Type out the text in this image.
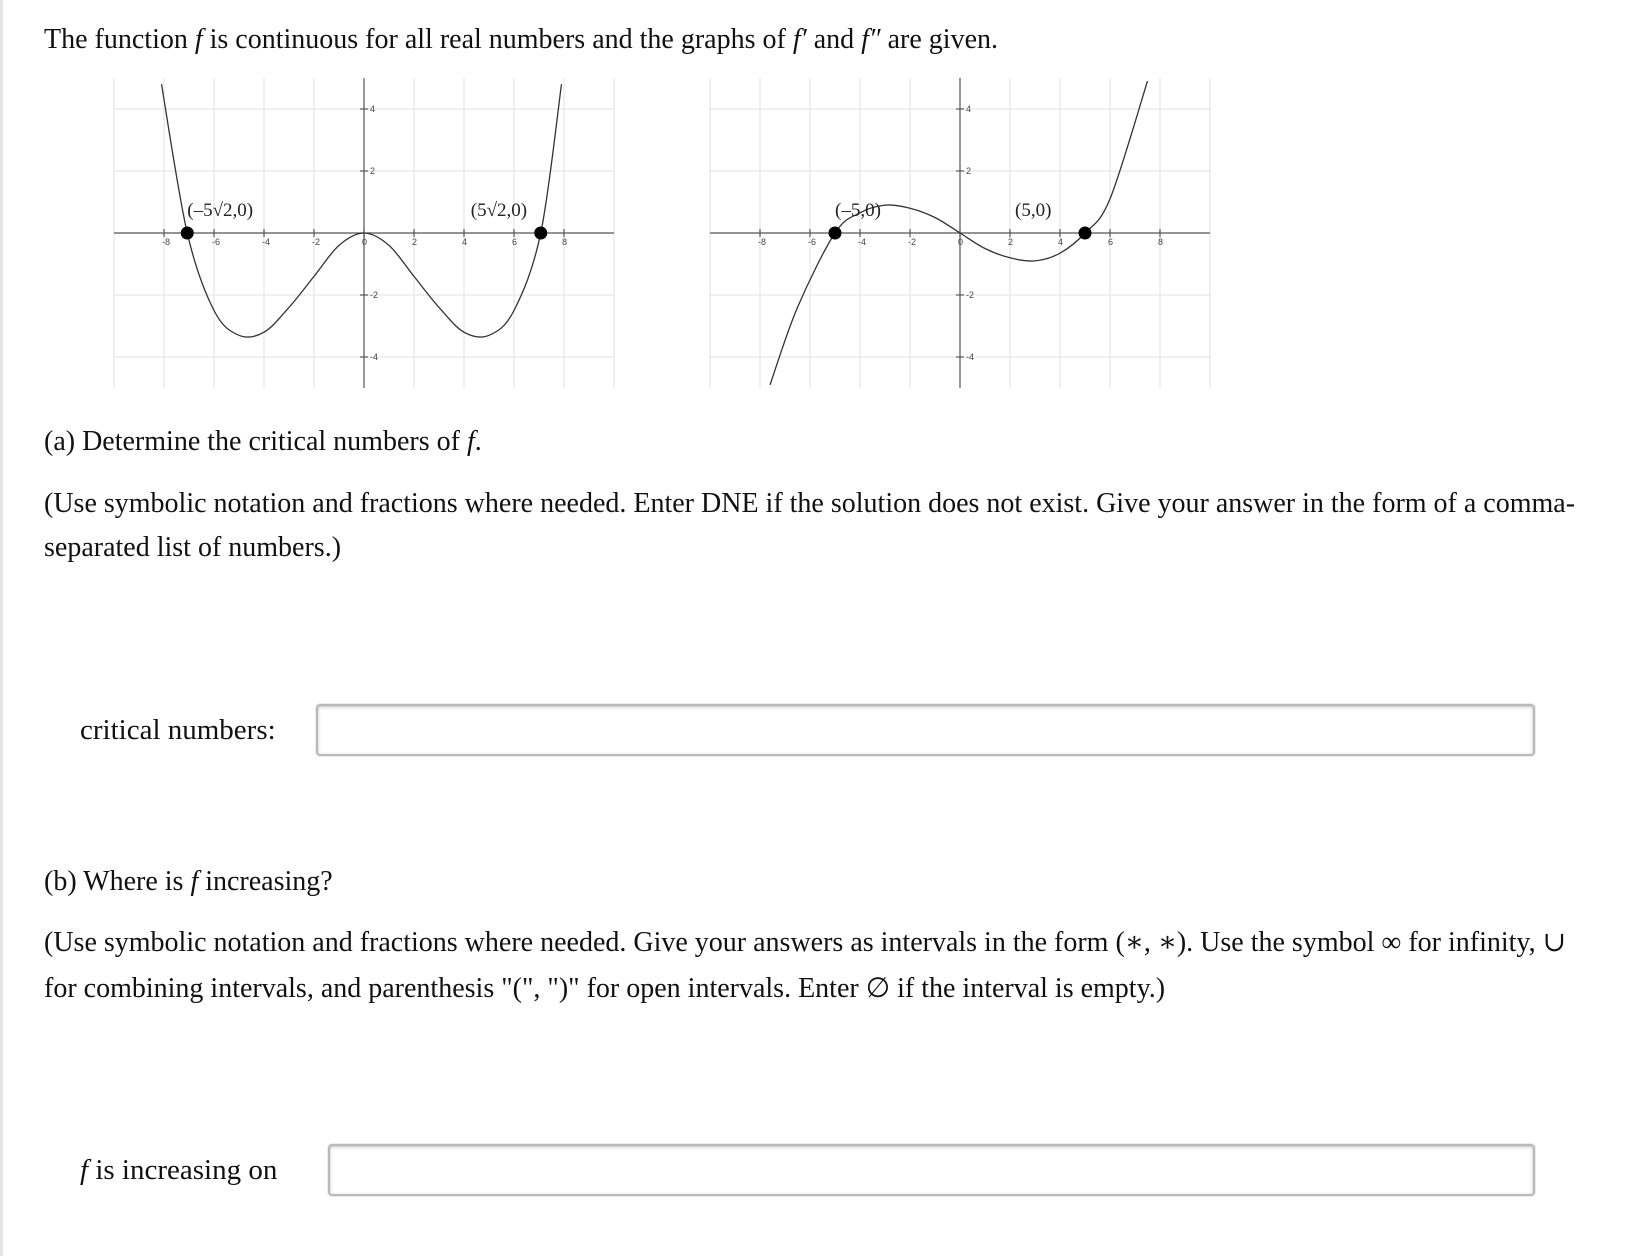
The function f is continuous for all real numbers and the graphs of f′ and f″ are given.

-8	-6	-4	-2	0	2	4	6	8
4
2
-2
-4
(–5√2,0)	(5√2,0)
-8	-6	-4	-2	0	2	4	6	8
4
2
-2
-4
(–5,0)	(5,0)

(a) Determine the critical numbers of f.

(Use symbolic notation and fractions where needed. Enter DNE if the solution does not exist. Give your answer in the form of a comma-separated list of numbers.)

critical numbers:

(b) Where is f increasing?

(Use symbolic notation and fractions where needed. Give your answers as intervals in the form (∗, ∗). Use the symbol ∞ for infinity, ∪ for combining intervals, and parenthesis "(", ")" for open intervals. Enter ∅ if the interval is empty.)

f is increasing on
